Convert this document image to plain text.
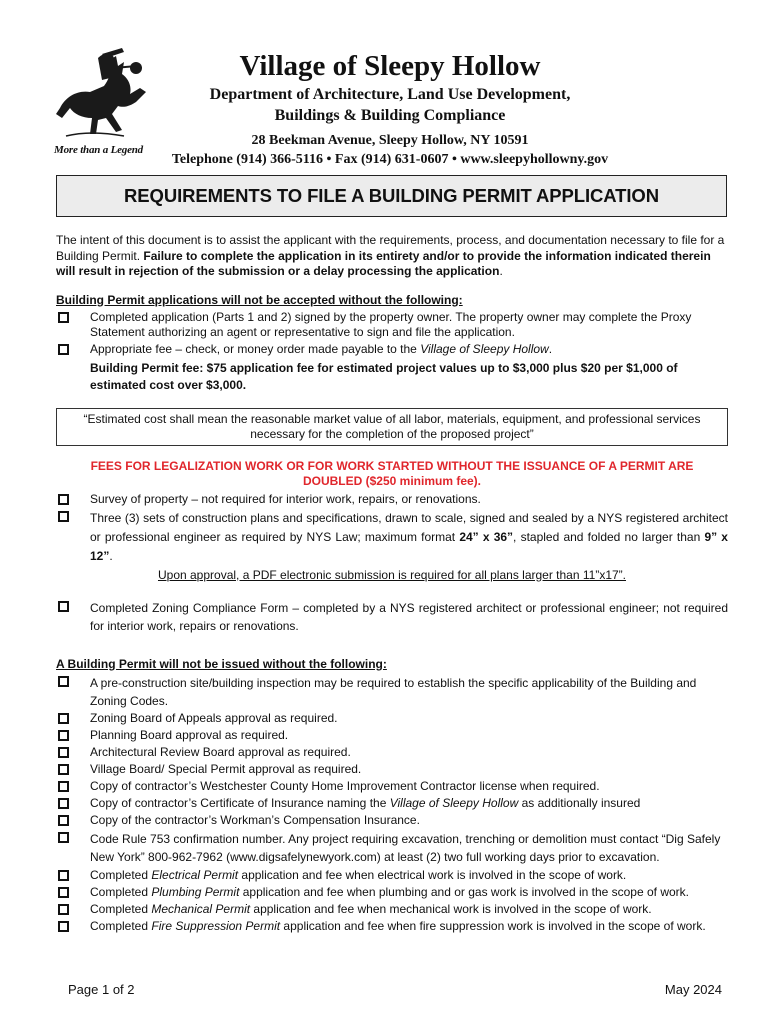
More than a Legend
Village of Sleepy Hollow
Department of Architecture, Land Use Development,
Buildings & Building Compliance
28 Beekman Avenue, Sleepy Hollow, NY 10591
Telephone (914) 366-5116 • Fax (914) 631-0607 • www.sleepyhollowny.gov
REQUIREMENTS TO FILE A BUILDING PERMIT APPLICATION

The intent of this document is to assist the applicant with the requirements, process, and documentation necessary to file for a Building Permit. Failure to complete the application in its entirety and/or to provide the information indicated therein will result in rejection of the submission or a delay processing the application.

Building Permit applications will not be accepted without the following:

Completed application (Parts 1 and 2) signed by the property owner. The property owner may complete the Proxy Statement authorizing an agent or representative to sign and file the application.
Appropriate fee – check, or money order made payable to the Village of Sleepy Hollow.

Building Permit fee: $75 application fee for estimated project values up to $3,000 plus $20 per $1,000 of estimated cost over $3,000.

“Estimated cost shall mean the reasonable market value of all labor, materials, equipment, and professional services necessary for the completion of the proposed project”

FEES FOR LEGALIZATION WORK OR FOR WORK STARTED WITHOUT THE ISSUANCE OF A PERMIT ARE
DOUBLED ($250 minimum fee).

Survey of property – not required for interior work, repairs, or renovations.
Three (3) sets of construction plans and specifications, drawn to scale, signed and sealed by a NYS registered architect or professional engineer as required by NYS Law; maximum format 24” x 36”, stapled and folded no larger than 9” x 12”.

Upon approval, a PDF electronic submission is required for all plans larger than 11”x17”.

Completed Zoning Compliance Form – completed by a NYS registered architect or professional engineer; not required for interior work, repairs or renovations.

A Building Permit will not be issued without the following:

A pre-construction site/building inspection may be required to establish the specific applicability of the Building and Zoning Codes.
Zoning Board of Appeals approval as required.
Planning Board approval as required.
Architectural Review Board approval as required.
Village Board/ Special Permit approval as required.
Copy of contractor’s Westchester County Home Improvement Contractor license when required.
Copy of contractor’s Certificate of Insurance naming the Village of Sleepy Hollow as additionally insured
Copy of the contractor’s Workman’s Compensation Insurance.
Code Rule 753 confirmation number. Any project requiring excavation, trenching or demolition must contact “Dig Safely New York” 800-962-7962 (www.digsafelynewyork.com) at least (2) two full working days prior to excavation.
Completed Electrical Permit application and fee when electrical work is involved in the scope of work.
Completed Plumbing Permit application and fee when plumbing and or gas work is involved in the scope of work.
Completed Mechanical Permit application and fee when mechanical work is involved in the scope of work.
Completed Fire Suppression Permit application and fee when fire suppression work is involved in the scope of work.
Page 1 of 2	May 2024
